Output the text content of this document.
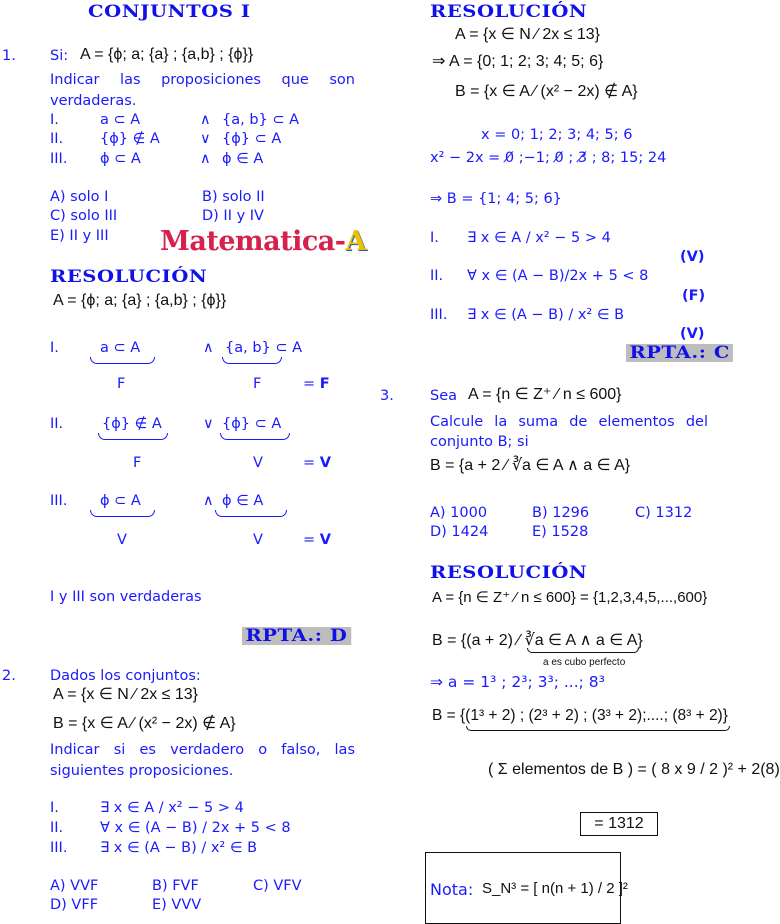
CONJUNTOS I
1. Si: A = {ϕ; a; {a} ; {a,b} ; {ϕ}}
Indicar las proposiciones que son
verdaderas.
I.	a ⊂ A	∧ {a, b} ⊂ A
II.	{ϕ} ∉ A	∨ {ϕ} ⊂ A
III. ϕ ⊂ A	∧ ϕ ∈ A
A) solo I	B) solo II
C) solo III	D) II y IV
E) II y III Matematica-A
RESOLUCIÓN
A = {ϕ; a; {a} ; {a,b} ; {ϕ}}
I.	a ⊂ A	∧ {a, b} ⊂ A
F	F	= F
II.	{ϕ} ∉ A	∨ {ϕ} ⊂ A
F	V	= V
III. ϕ ⊂ A	∧ ϕ ∈ A
V	V	= V
I y III son verdaderas
RPTA.: D
2. Dados los conjuntos:
A = {x ∈ N ⁄ 2x ≤ 13}
B = {x ∈ A ⁄ (x² − 2x) ∉ A}
Indicar si es verdadero o falso, las
siguientes proposiciones.
I.	∃ x ∈ A / x² − 5 > 4
II.	∀ x ∈ (A − B) / 2x + 5 < 8
III. ∃ x ∈ (A − B) / x² ∈ B
A) VVF	B) FVF	C) VFV
D) VFF	E) VVV
RESOLUCIÓN
A = {x ∈ N ⁄ 2x ≤ 13}
⇒ A = {0; 1; 2; 3; 4; 5; 6}
B = {x ∈ A ⁄ (x² − 2x) ∉ A}
x = 0; 1; 2; 3; 4; 5; 6
x² − 2x = 0̸ ;−1; 0̸ ; 3̸ ; 8; 15; 24
⇒ B = {1; 4; 5; 6}
I. ∃ x ∈ A / x² − 5 > 4
(V)
II. ∀ x ∈ (A − B)/2x + 5 < 8
(F)
III. ∃ x ∈ (A − B) / x² ∈ B
(V)
RPTA.: C
3. Sea A = {n ∈ Z⁺ ⁄ n ≤ 600}
Calcule la suma de elementos del
conjunto B; si
B = {a + 2 ⁄ ∛a ∈ A ∧ a ∈ A}
A) 1000	B) 1296	C) 1312
D) 1424	E) 1528
RESOLUCIÓN
A = {n ∈ Z⁺ ⁄ n ≤ 600} = {1,2,3,4,5,...,600}
B = {(a + 2) ⁄ ∛a ∈ A ∧ a ∈ A}
a es cubo perfecto
⇒ a = 1³ ; 2³; 3³; ...; 8³
B = {(1³ + 2) ; (2³ + 2) ; (3³ + 2);....; (8³ + 2)}
( Σ elementos de B ) = ( 8 x 9 / 2 )² + 2(8)
= 1312
Nota: S_N³ = [ n(n + 1) / 2 ]²
